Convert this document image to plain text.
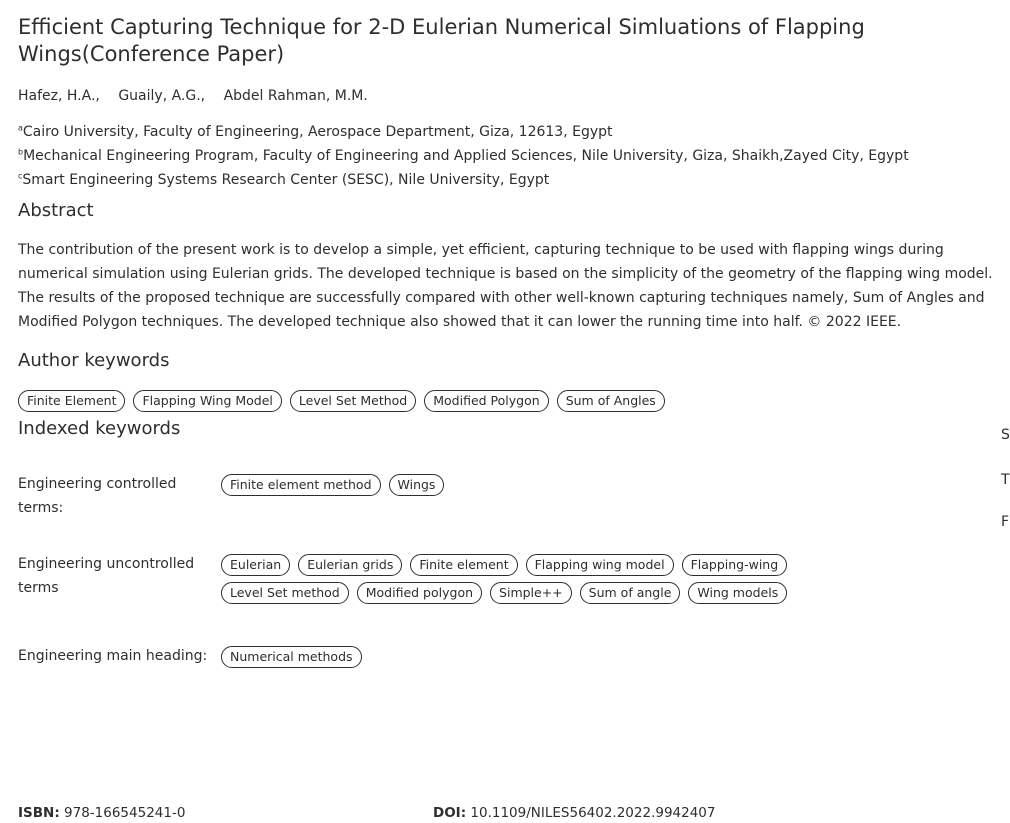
Efficient Capturing Technique for 2-D Eulerian Numerical Simluations of Flapping Wings(Conference Paper)
Hafez, H.A., Guaily, A.G., Abdel Rahman, M.M.
$^a$Cairo University, Faculty of Engineering, Aerospace Department, Giza, 12613, Egypt
$^b$Mechanical Engineering Program, Faculty of Engineering and Applied Sciences, Nile University, Giza, Shaikh,Zayed City, Egypt
$^c$Smart Engineering Systems Research Center (SESC), Nile University, Egypt
Abstract
The contribution of the present work is to develop a simple, yet efficient, capturing technique to be used with flapping wings during numerical simulation using Eulerian grids. The developed technique is based on the simplicity of the geometry of the flapping wing model. The results of the proposed technique are successfully compared with other well-known capturing techniques namely, Sum of Angles and Modified Polygon techniques. The developed technique also showed that it can lower the running time into half. © 2022 IEEE.
Author keywords
Finite Element	Flapping Wing Model	Level Set Method	Modified Polygon	Sum of Angles
Indexed keywords
Engineering controlled terms:
Finite element method	Wings
Engineering uncontrolled terms
Eulerian	Eulerian grids	Finite element	Flapping wing model	Flapping-wing
Level Set method	Modified polygon	Simple++	Sum of angle	Wing models
Engineering main heading:	Numerical methods
ISBN: 978-166545241-0	DOI: 10.1109/NILES56402.2022.9942407
S
T
F
